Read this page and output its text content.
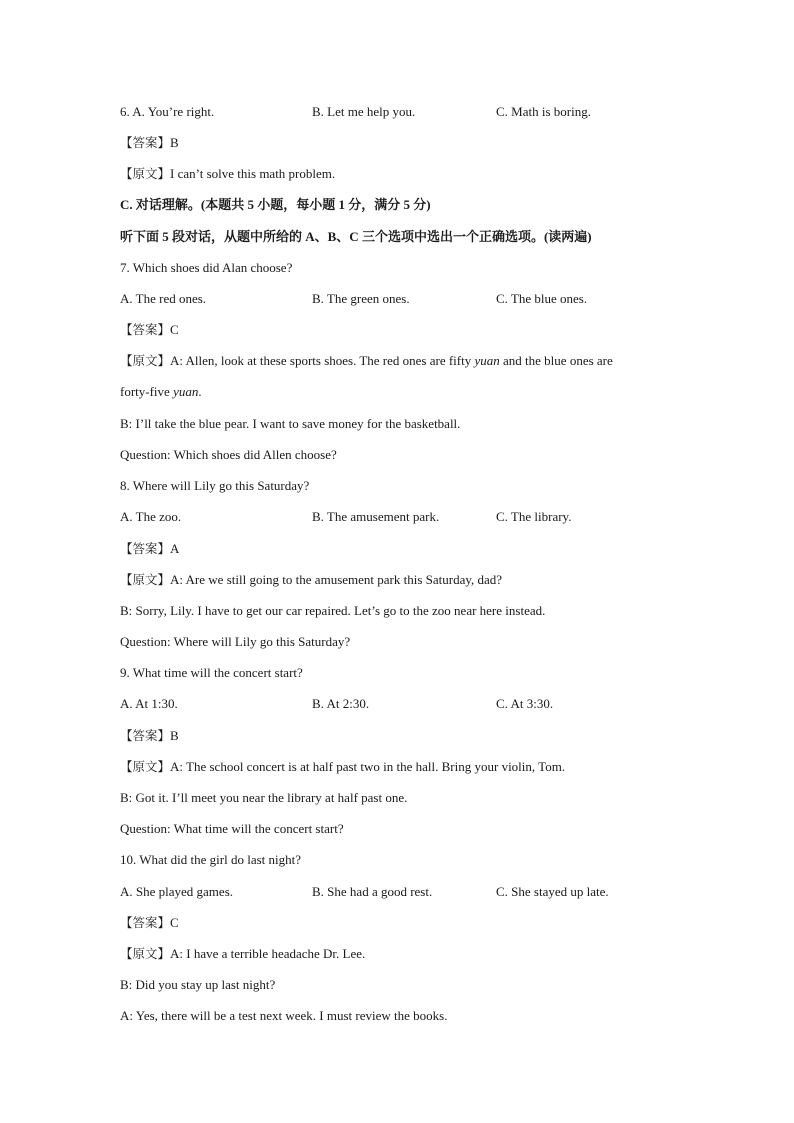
6. A. You’re right.	B. Let me help you.	C. Math is boring.
【答案】B
【原文】I can’t solve this math problem.
C. 对话理解。(本题共 5 小题，每小题 1 分，满分 5 分)
听下面 5 段对话，从题中所给的 A、B、C 三个选项中选出一个正确选项。(读两遍)
7. Which shoes did Alan choose?
A. The red ones.	B. The green ones.	C. The blue ones.
【答案】C
【原文】A: Allen, look at these sports shoes. The red ones are fifty yuan and the blue ones are
forty-five yuan.
B: I’ll take the blue pear. I want to save money for the basketball.
Question: Which shoes did Allen choose?
8. Where will Lily go this Saturday?
A. The zoo.	B. The amusement park.	C. The library.
【答案】A
【原文】A: Are we still going to the amusement park this Saturday, dad?
B: Sorry, Lily. I have to get our car repaired. Let’s go to the zoo near here instead.
Question: Where will Lily go this Saturday?
9. What time will the concert start?
A. At 1:30.	B. At 2:30.	C. At 3:30.
【答案】B
【原文】A: The school concert is at half past two in the hall. Bring your violin, Tom.
B: Got it. I’ll meet you near the library at half past one.
Question: What time will the concert start?
10. What did the girl do last night?
A. She played games.	B. She had a good rest.	C. She stayed up late.
【答案】C
【原文】A: I have a terrible headache Dr. Lee.
B: Did you stay up last night?
A: Yes, there will be a test next week. I must review the books.
